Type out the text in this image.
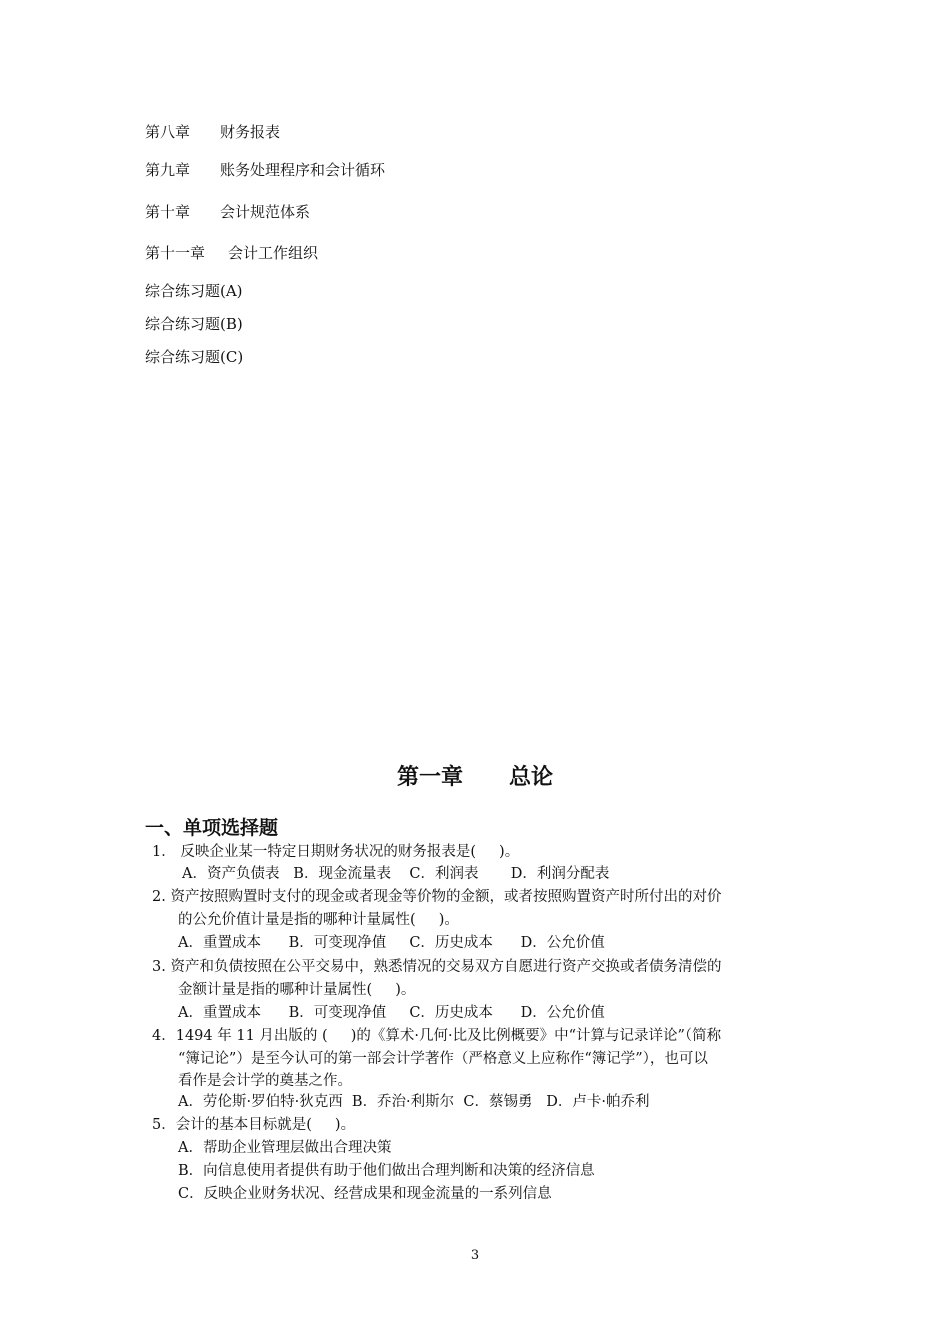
第八章 财务报表
第九章 账务处理程序和会计循环
第十章 会计规范体系
第十一章 会计工作组织
综合练习题(A)
综合练习题(B)
综合练习题(C)
第一章 总论
一、单项选择题
1． 反映企业某一特定日期财务状况的财务报表是(     )。
A．资产负债表   B．现金流量表    C．利润表       D．利润分配表
2. 资产按照购置时支付的现金或者现金等价物的金额，或者按照购置资产时所付出的对价
的公允价值计量是指的哪种计量属性(     )。
A．重置成本      B．可变现净值     C．历史成本      D．公允价值
3. 资产和负债按照在公平交易中，熟悉情况的交易双方自愿进行资产交换或者债务清偿的
金额计量是指的哪种计量属性(     )。
A．重置成本      B．可变现净值     C．历史成本      D．公允价值
4．1494 年 11 月出版的 (     )的《算术·几何·比及比例概要》中“计算与记录详论”（简称
“簿记论”）是至今认可的第一部会计学著作（严格意义上应称作“簿记学”），也可以
看作是会计学的奠基之作。
A．劳伦斯·罗伯特·狄克西  B．乔治·利斯尔  C．蔡锡勇   D．卢卡·帕乔利
5．会计的基本目标就是(     )。
A．帮助企业管理层做出合理决策
B．向信息使用者提供有助于他们做出合理判断和决策的经济信息
C．反映企业财务状况、经营成果和现金流量的一系列信息
3
